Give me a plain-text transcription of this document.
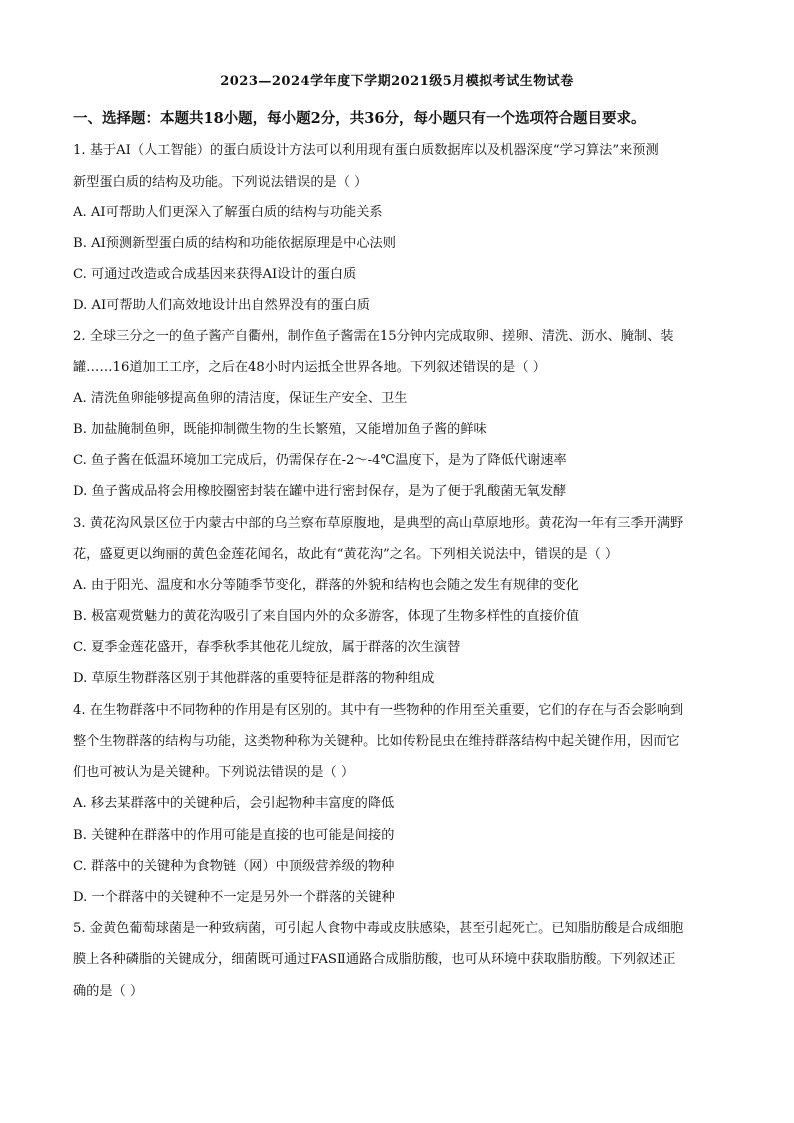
2023—2024学年度下学期2021级5月模拟考试生物试卷
一、选择题：本题共18小题，每小题2分，共36分，每小题只有一个选项符合题目要求。
1. 基于AI（人工智能）的蛋白质设计方法可以利用现有蛋白质数据库以及机器深度“学习算法”来预测
新型蛋白质的结构及功能。下列说法错误的是（ ）
A. AI可帮助人们更深入了解蛋白质的结构与功能关系
B. AI预测新型蛋白质的结构和功能依据原理是中心法则
C. 可通过改造或合成基因来获得AI设计的蛋白质
D. AI可帮助人们高效地设计出自然界没有的蛋白质
2. 全球三分之一的鱼子酱产自衢州，制作鱼子酱需在15分钟内完成取卵、搓卵、清洗、沥水、腌制、装
罐……16道加工工序，之后在48小时内运抵全世界各地。下列叙述错误的是（ ）
A. 清洗鱼卵能够提高鱼卵的清洁度，保证生产安全、卫生
B. 加盐腌制鱼卵，既能抑制微生物的生长繁殖，又能增加鱼子酱的鲜味
C. 鱼子酱在低温环境加工完成后，仍需保存在-2～-4℃温度下，是为了降低代谢速率
D. 鱼子酱成品将会用橡胶圈密封装在罐中进行密封保存，是为了便于乳酸菌无氧发酵
3. 黄花沟风景区位于内蒙古中部的乌兰察布草原腹地，是典型的高山草原地形。黄花沟一年有三季开满野
花，盛夏更以绚丽的黄色金莲花闻名，故此有“黄花沟”之名。下列相关说法中，错误的是（ ）
A. 由于阳光、温度和水分等随季节变化，群落的外貌和结构也会随之发生有规律的变化
B. 极富观赏魅力的黄花沟吸引了来自国内外的众多游客，体现了生物多样性的直接价值
C. 夏季金莲花盛开，春季秋季其他花儿绽放，属于群落的次生演替
D. 草原生物群落区别于其他群落的重要特征是群落的物种组成
4. 在生物群落中不同物种的作用是有区别的。其中有一些物种的作用至关重要，它们的存在与否会影响到
整个生物群落的结构与功能，这类物种称为关键种。比如传粉昆虫在维持群落结构中起关键作用，因而它
们也可被认为是关键种。下列说法错误的是（ ）
A. 移去某群落中的关键种后，会引起物种丰富度的降低
B. 关键种在群落中的作用可能是直接的也可能是间接的
C. 群落中的关键种为食物链（网）中顶级营养级的物种
D. 一个群落中的关键种不一定是另外一个群落的关键种
5. 金黄色葡萄球菌是一种致病菌，可引起人食物中毒或皮肤感染，甚至引起死亡。已知脂肪酸是合成细胞
膜上各种磷脂的关键成分，细菌既可通过FASⅡ通路合成脂肪酸，也可从环境中获取脂肪酸。下列叙述正
确的是（ ）
